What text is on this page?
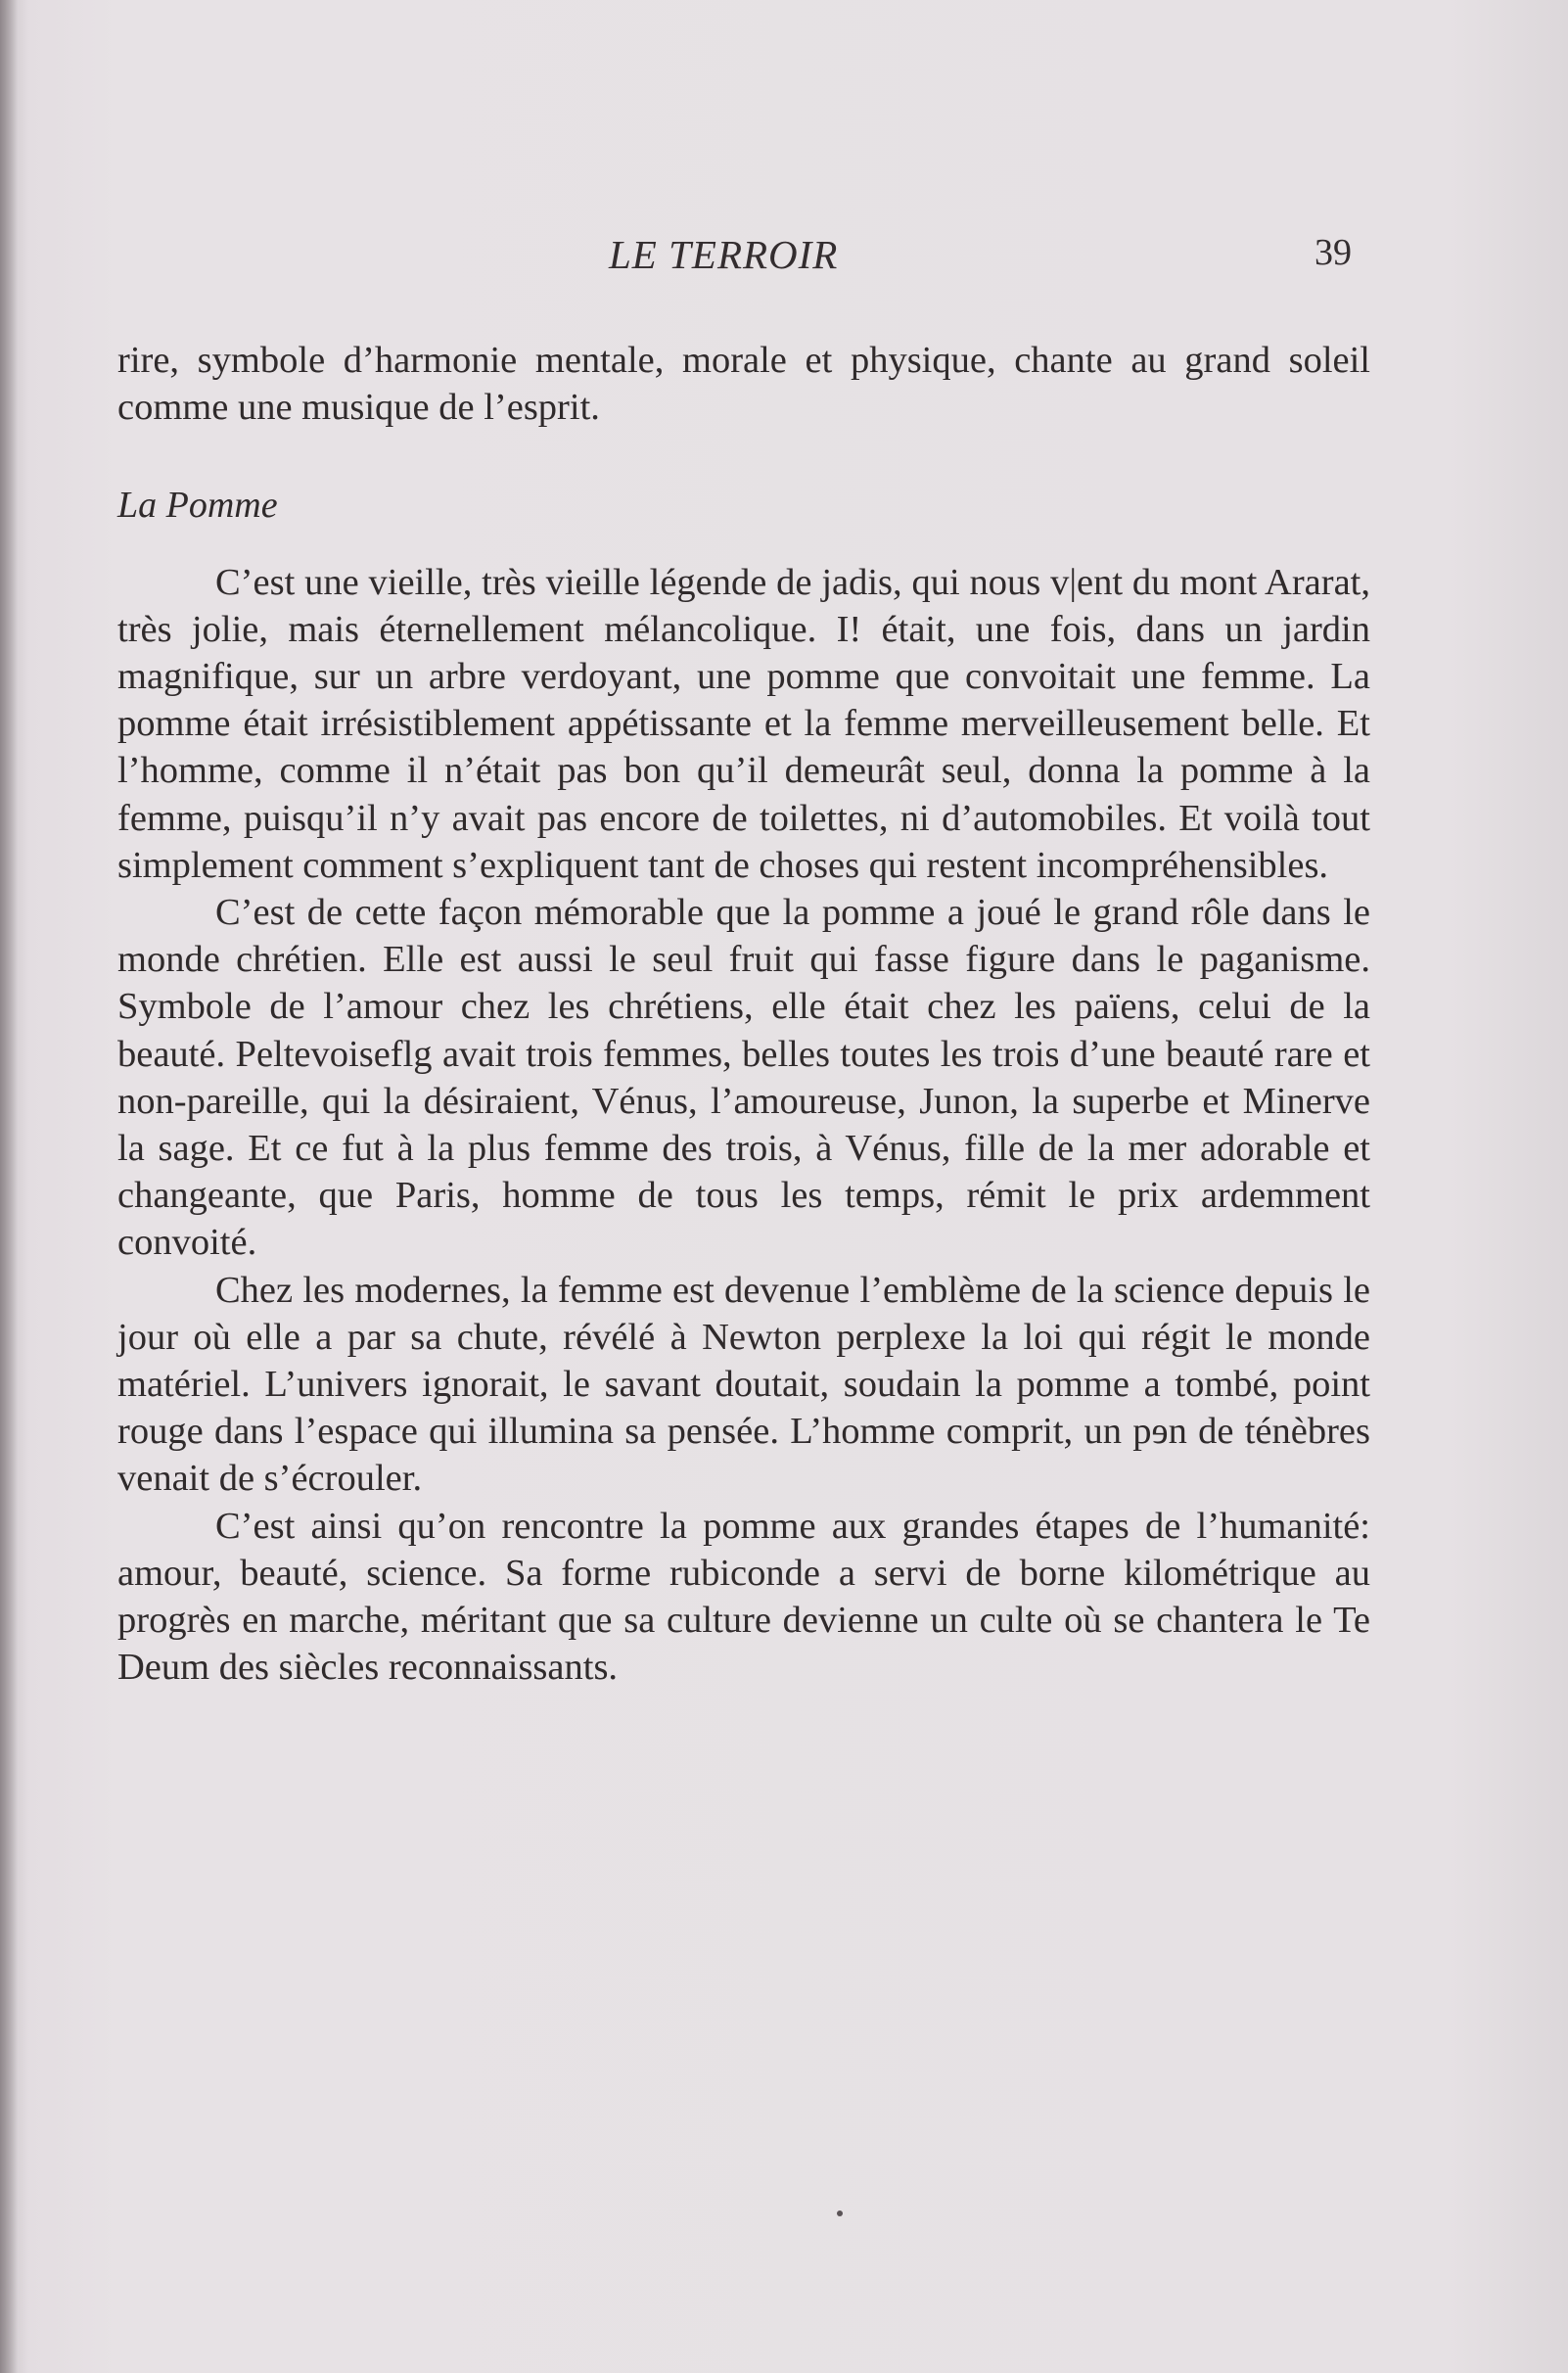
LE TERROIR	39

rire, symbole d’harmonie mentale, morale et physique, chante au grand soleil comme une musique de l’esprit.

La Pomme

C’est une vieille, très vieille légende de jadis, qui nous v|ent du mont Ararat, très jolie, mais éternellement mélancolique. I! était, une fois, dans un jardin magnifique, sur un arbre verdoyant, une pomme que convoitait une femme. La pomme était irrésistiblement appétissante et la femme merveilleusement belle. Et l’homme, comme il n’était pas bon qu’il demeurât seul, donna la pomme à la femme, puisqu’il n’y avait pas encore de toilettes, ni d’automobiles. Et voilà tout simplement comment s’expliquent tant de choses qui restent incompréhensibles.

C’est de cette façon mémorable que la pomme a joué le grand rôle dans le monde chrétien. Elle est aussi le seul fruit qui fasse figure dans le paganisme. Symbole de l’amour chez les chrétiens, elle était chez les païens, celui de la beauté. Peltevoiseflg avait trois femmes, belles toutes les trois d’une beauté rare et non-pareille, qui la désiraient, Vénus, l’amoureuse, Junon, la superbe et Minerve la sage. Et ce fut à la plus femme des trois, à Vénus, fille de la mer adorable et changeante, que Paris, homme de tous les temps, rémit le prix ardemment convoité.

Chez les modernes, la femme est devenue l’emblème de la science depuis le jour où elle a par sa chute, révélé à Newton perplexe la loi qui régit le monde matériel. L’univers ignorait, le savant doutait, soudain la pomme a tombé, point rouge dans l’espace qui illumina sa pensée. L’homme comprit, un pɘn de ténèbres venait de s’écrouler.

C’est ainsi qu’on rencontre la pomme aux grandes étapes de l’humanité: amour, beauté, science. Sa forme rubiconde a servi de borne kilométrique au progrès en marche, méritant que sa culture devienne un culte où se chantera le Te Deum des siècles reconnaissants.
